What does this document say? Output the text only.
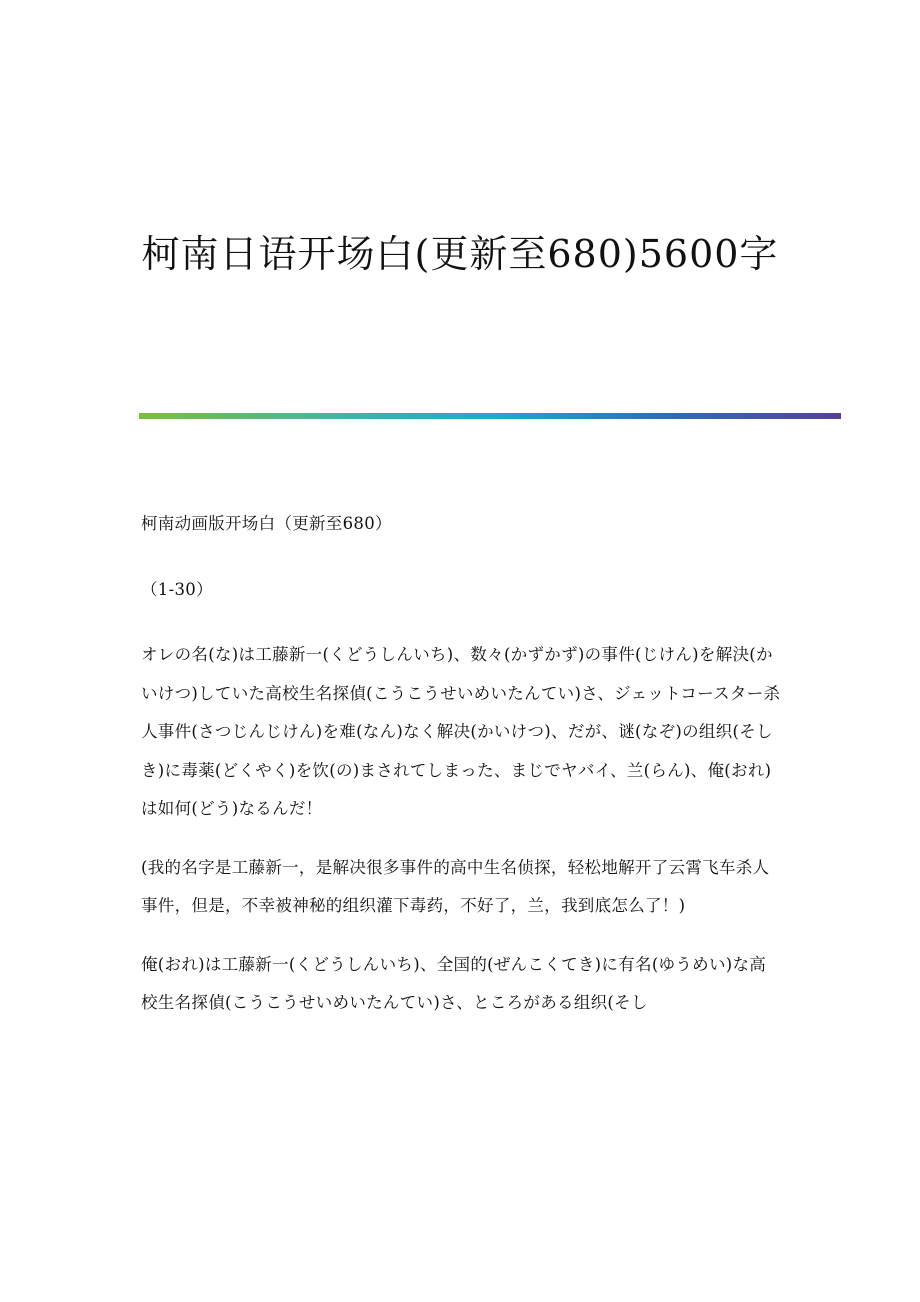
柯南日语开场白(更新至680)5600字

柯南动画版开场白（更新至680）

（1-30）

オレの名(な)は工藤新一(くどうしんいち)、数々(かずかず)の事件(じけん)を解決(かいけつ)していた高校生名探偵(こうこうせいめいたんてい)さ、ジェットコースター杀人事件(さつじんじけん)を难(なん)なく解决(かいけつ)、だが、谜(なぞ)の组织(そしき)に毒薬(どくやく)を饮(の)まされてしまった、まじでヤバイ、兰(らん)、俺(おれ)は如何(どう)なるんだ！

(我的名字是工藤新一，是解决很多事件的高中生名侦探，轻松地解开了云霄飞车杀人事件，但是，不幸被神秘的组织灌下毒药，不好了，兰，我到底怎么了！)

俺(おれ)は工藤新一(くどうしんいち)、全国的(ぜんこくてき)に有名(ゆうめい)な高校生名探偵(こうこうせいめいたんてい)さ、ところがある组织(そし
